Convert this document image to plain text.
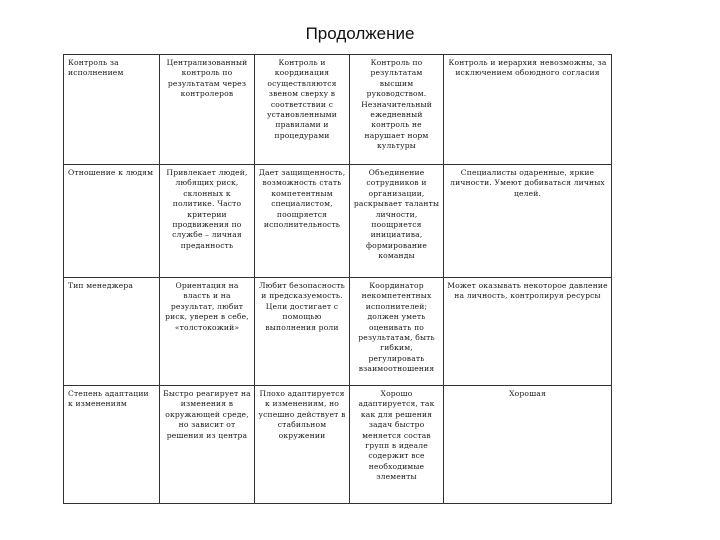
Продолжение
Контроль за исполнением	Централизованный контроль по результатам через контролеров	Контроль и координация осуществляются звеном сверху в соответствии с установленными правилами и процедурами	Контроль по результатам высшим руководством. Незначительный ежедневный контроль не нарушает норм культуры	Контроль и иерархия невозможны, за исключением обоюдного согласия
Отношение к людям	Привлекает людей, любящих риск, склонных к политике. Часто критерии продвижения по службе – личная преданность	Дает защищенность, возможность стать компетентным специалистом, поощряется исполнительность	Объединение сотрудников и организации, раскрывает таланты личности, поощряется инициатива, формирование команды	Специалисты одаренные, яркие личности. Умеют добиваться личных целей.
Тип менеджера	Ориентация на власть и на результат, любит риск, уверен в себе, «толстокожий»	Любит безопасность и предсказуемость. Цели достигает с помощью выполнения роли	Координатор некомпетентных исполнителей; должен уметь оценивать по результатам, быть гибким, регулировать взаимоотношения	Может оказывать некоторое давление на личность, контролируя ресурсы
Степень адаптации к изменениям	Быстро реагирует на изменения в окружающей среде, но зависит от решения из центра	Плохо адаптируется к изменениям, но успешно действует в стабильном окружении	Хорошо адаптируется, так как для решения задач быстро меняется состав групп в идеале содержит все необходимые элементы	Хорошая
